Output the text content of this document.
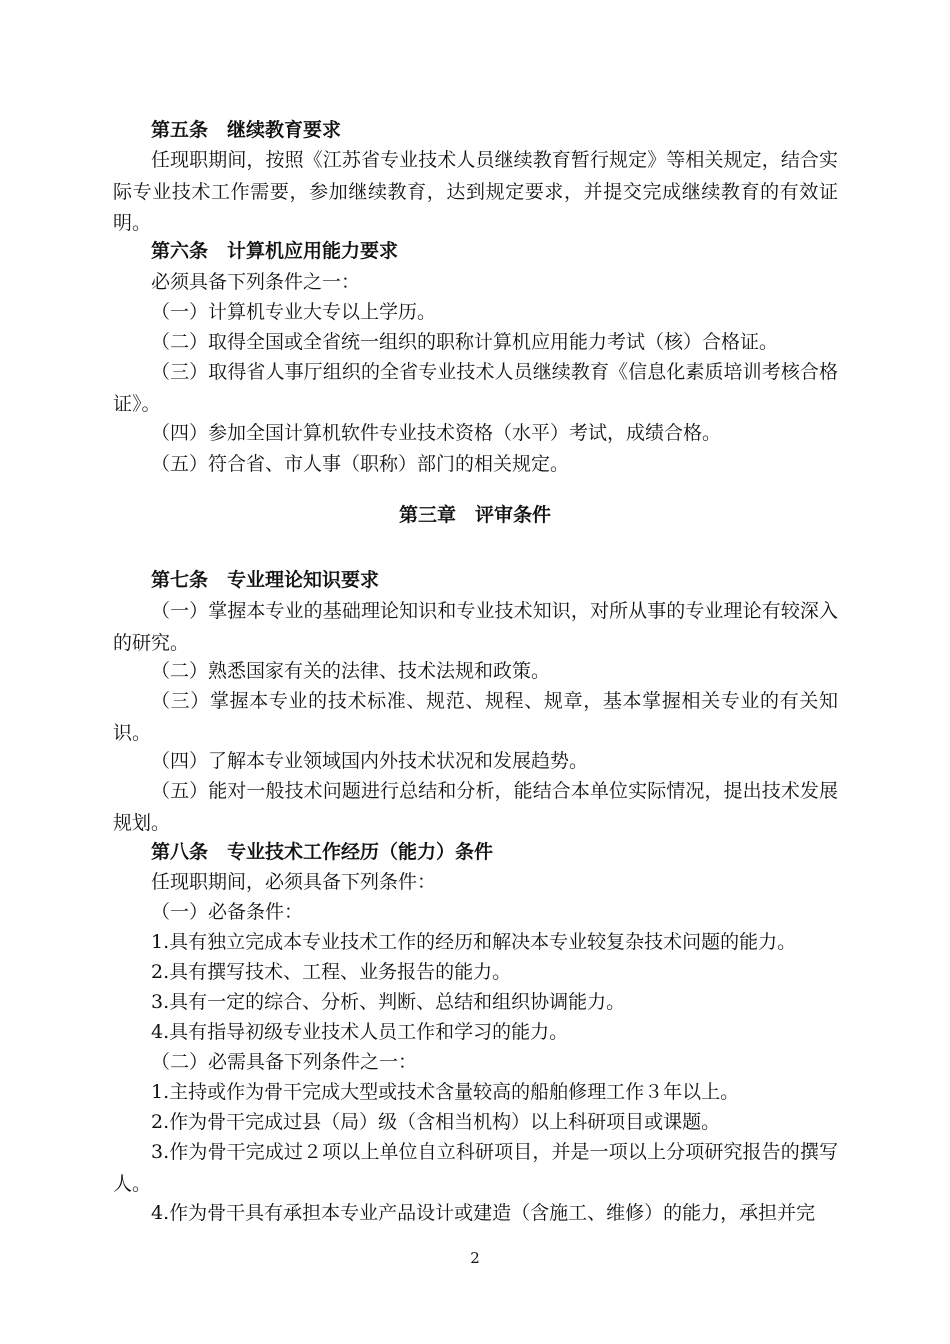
第五条　继续教育要求
任现职期间，按照《江苏省专业技术人员继续教育暂行规定》等相关规定，结合实际专业技术工作需要，参加继续教育，达到规定要求，并提交完成继续教育的有效证明。
第六条　计算机应用能力要求
必须具备下列条件之一：
（一）计算机专业大专以上学历。
（二）取得全国或全省统一组织的职称计算机应用能力考试（核）合格证。
（三）取得省人事厅组织的全省专业技术人员继续教育《信息化素质培训考核合格证》。
（四）参加全国计算机软件专业技术资格（水平）考试，成绩合格。
（五）符合省、市人事（职称）部门的相关规定。
第三章　评审条件
第七条　专业理论知识要求
（一）掌握本专业的基础理论知识和专业技术知识，对所从事的专业理论有较深入的研究。
（二）熟悉国家有关的法律、技术法规和政策。
（三）掌握本专业的技术标准、规范、规程、规章，基本掌握相关专业的有关知识。
（四）了解本专业领域国内外技术状况和发展趋势。
（五）能对一般技术问题进行总结和分析，能结合本单位实际情况，提出技术发展规划。
第八条　专业技术工作经历（能力）条件
任现职期间，必须具备下列条件：
（一）必备条件：
1.具有独立完成本专业技术工作的经历和解决本专业较复杂技术问题的能力。
2.具有撰写技术、工程、业务报告的能力。
3.具有一定的综合、分析、判断、总结和组织协调能力。
4.具有指导初级专业技术人员工作和学习的能力。
（二）必需具备下列条件之一：
1.主持或作为骨干完成大型或技术含量较高的船舶修理工作３年以上。
2.作为骨干完成过县（局）级（含相当机构）以上科研项目或课题。
3.作为骨干完成过２项以上单位自立科研项目，并是一项以上分项研究报告的撰写人。
4.作为骨干具有承担本专业产品设计或建造（含施工、维修）的能力，承担并完
2
